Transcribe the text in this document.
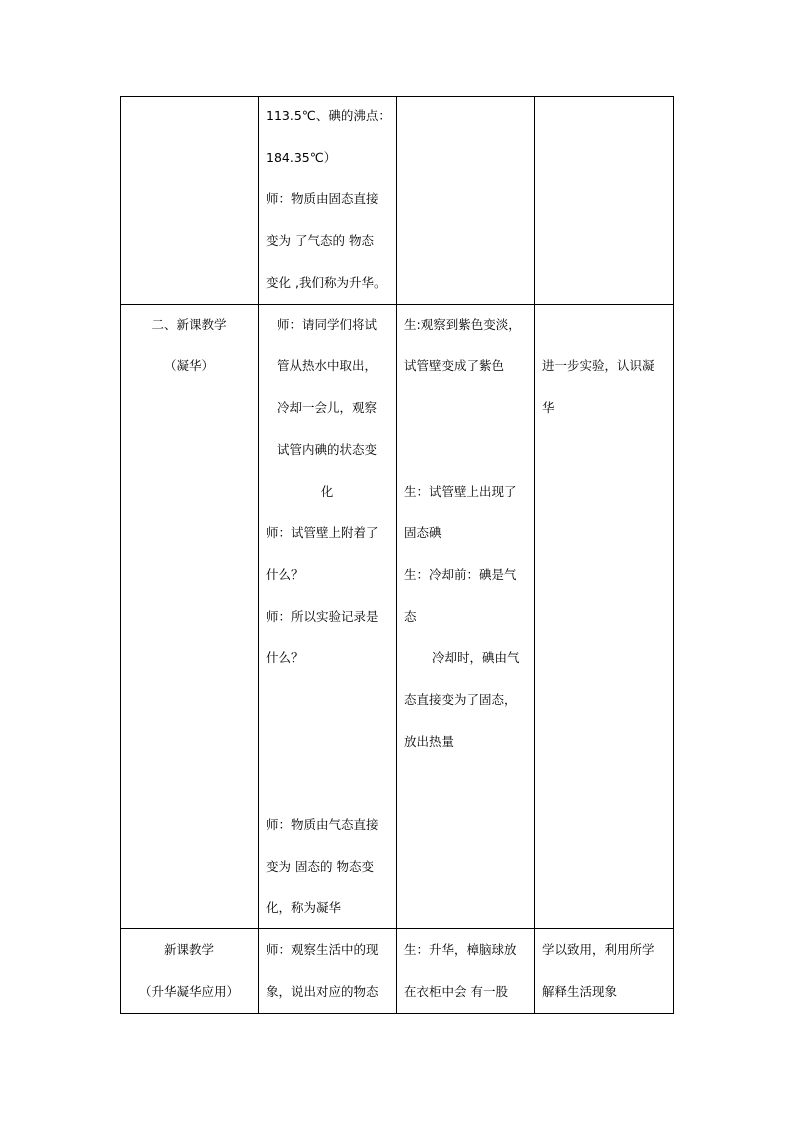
113.5℃、碘的沸点：
184.35℃）
师：物质由固态直接
变为 了气态的 物态
变化 ,我们称为升华。
二、新课教学
（凝华）
师：请同学们将试
管从热水中取出，
冷却一会儿，观察
试管内碘的状态变
化
师：试管壁上附着了
什么？
师：所以实验记录是
什么？
师：物质由气态直接
变为 固态的 物态变
化，称为凝华
生:观察到紫色变淡，
试管壁变成了紫色
生：试管壁上出现了
固态碘
生：冷却前：碘是气
态
冷却时，碘由气
态直接变为了固态，
放出热量
进一步实验，认识凝
华
新课教学
（升华凝华应用）
师：观察生活中的现
象，说出对应的物态
生：升华，樟脑球放
在衣柜中会 有一股
学以致用，利用所学
解释生活现象
